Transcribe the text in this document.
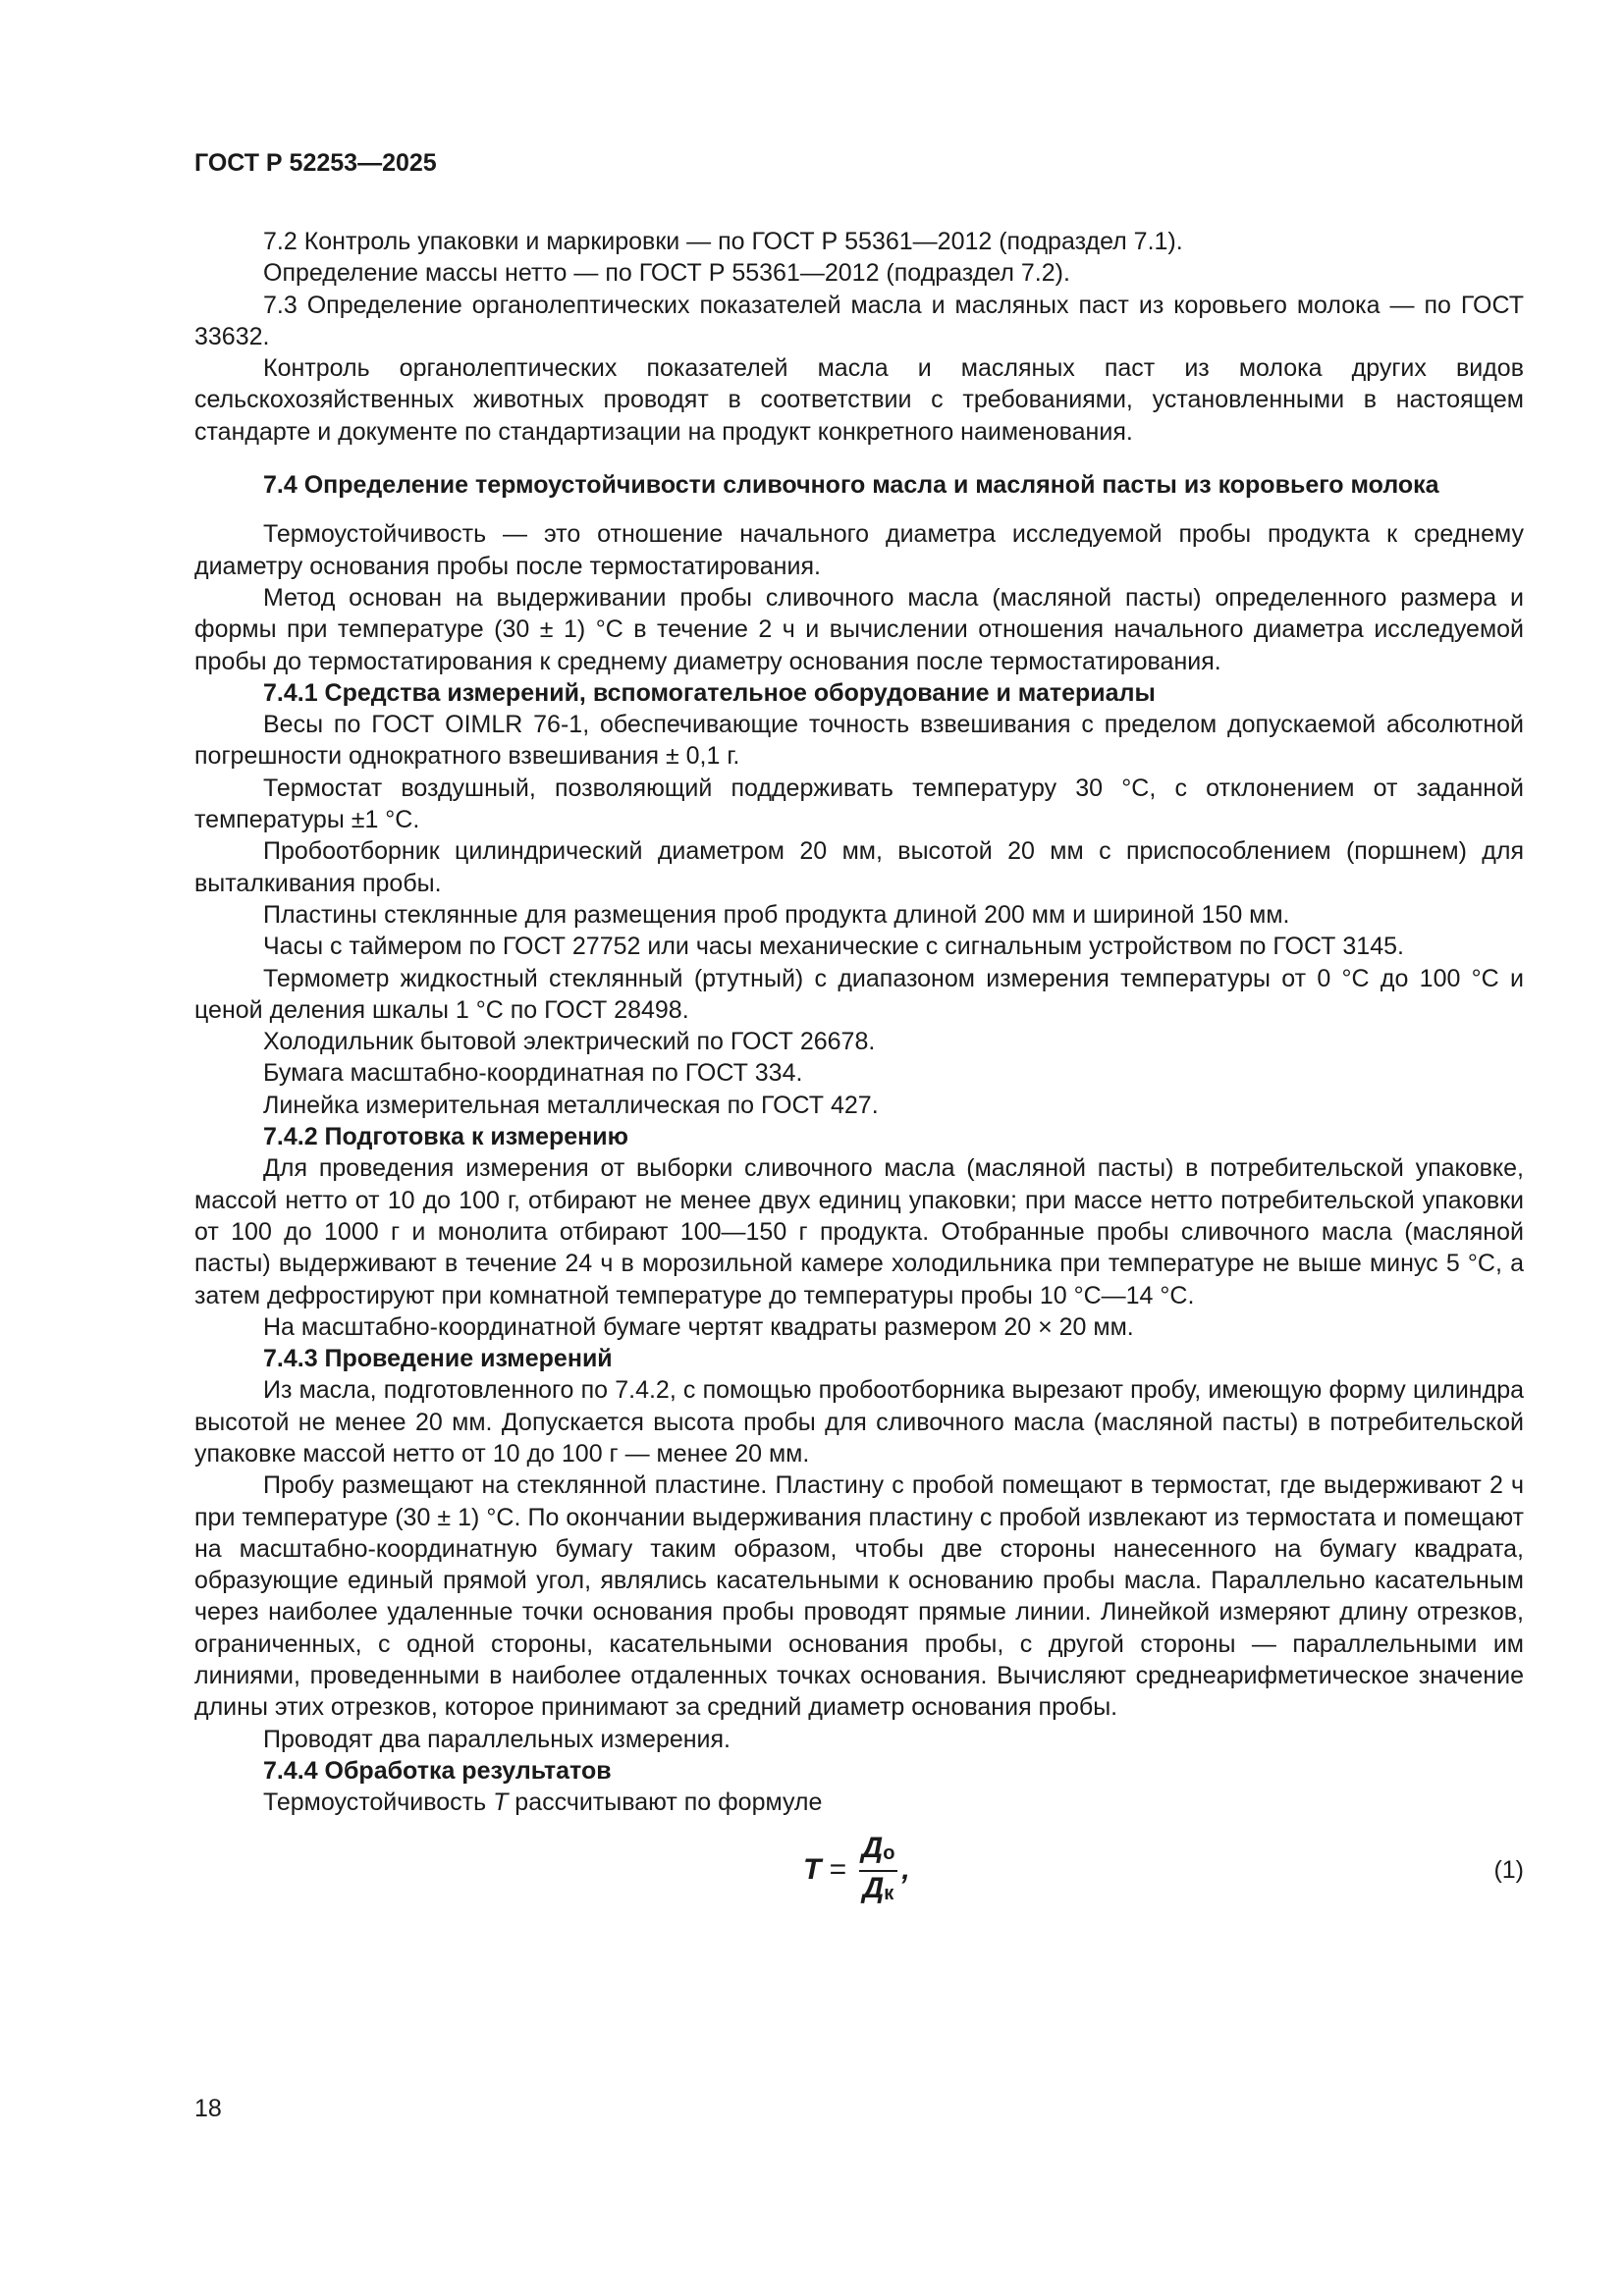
ГОСТ Р 52253—2025

7.2 Контроль упаковки и маркировки — по ГОСТ Р 55361—2012 (подраздел 7.1).

Определение массы нетто — по ГОСТ Р 55361—2012 (подраздел 7.2).

7.3 Определение органолептических показателей масла и масляных паст из коровьего молока — по ГОСТ 33632.

Контроль органолептических показателей масла и масляных паст из молока других видов сельскохозяйственных животных проводят в соответствии с требованиями, установленными в настоящем стандарте и документе по стандартизации на продукт конкретного наименования.

7.4 Определение термоустойчивости сливочного масла и масляной пасты из коровьего молока

Термоустойчивость — это отношение начального диаметра исследуемой пробы продукта к среднему диаметру основания пробы после термостатирования.

Метод основан на выдерживании пробы сливочного масла (масляной пасты) определенного размера и формы при температуре (30 ± 1) °С в течение 2 ч и вычислении отношения начального диаметра исследуемой пробы до термостатирования к среднему диаметру основания после термостатирования.

7.4.1 Средства измерений, вспомогательное оборудование и материалы

Весы по ГОСТ OIMLR 76-1, обеспечивающие точность взвешивания с пределом допускаемой абсолютной погрешности однократного взвешивания ± 0,1 г.

Термостат воздушный, позволяющий поддерживать температуру 30 °С, с отклонением от заданной температуры ±1 °С.

Пробоотборник цилиндрический диаметром 20 мм, высотой 20 мм с приспособлением (поршнем) для выталкивания пробы.

Пластины стеклянные для размещения проб продукта длиной 200 мм и шириной 150 мм.

Часы с таймером по ГОСТ 27752 или часы механические с сигнальным устройством по ГОСТ 3145.

Термометр жидкостный стеклянный (ртутный) с диапазоном измерения температуры от 0 °С до 100 °С и ценой деления шкалы 1 °С по ГОСТ 28498.

Холодильник бытовой электрический по ГОСТ 26678.

Бумага масштабно-координатная по ГОСТ 334.

Линейка измерительная металлическая по ГОСТ 427.

7.4.2 Подготовка к измерению

Для проведения измерения от выборки сливочного масла (масляной пасты) в потребительской упаковке, массой нетто от 10 до 100 г, отбирают не менее двух единиц упаковки; при массе нетто потребительской упаковки от 100 до 1000 г и монолита отбирают 100—150 г продукта. Отобранные пробы сливочного масла (масляной пасты) выдерживают в течение 24 ч в морозильной камере холодильника при температуре не выше минус 5 °С, а затем дефростируют при комнатной температуре до температуры пробы 10 °С—14 °С.

На масштабно-координатной бумаге чертят квадраты размером 20 × 20 мм.

7.4.3 Проведение измерений

Из масла, подготовленного по 7.4.2, с помощью пробоотборника вырезают пробу, имеющую форму цилиндра высотой не менее 20 мм. Допускается высота пробы для сливочного масла (масляной пасты) в потребительской упаковке массой нетто от 10 до 100 г — менее 20 мм.

Пробу размещают на стеклянной пластине. Пластину с пробой помещают в термостат, где выдерживают 2 ч при температуре (30 ± 1) °С. По окончании выдерживания пластину с пробой извлекают из термостата и помещают на масштабно-координатную бумагу таким образом, чтобы две стороны нанесенного на бумагу квадрата, образующие единый прямой угол, являлись касательными к основанию пробы масла. Параллельно касательным через наиболее удаленные точки основания пробы проводят прямые линии. Линейкой измеряют длину отрезков, ограниченных, с одной стороны, касательными основания пробы, с другой стороны — параллельными им линиями, проведенными в наиболее отдаленных точках основания. Вычисляют среднеарифметическое значение длины этих отрезков, которое принимают за средний диаметр основания пробы.

Проводят два параллельных измерения.

7.4.4 Обработка результатов

Термоустойчивость T рассчитывают по формуле

$T = \frac{Д_о}{Д_к}$ ,	(1)

18
